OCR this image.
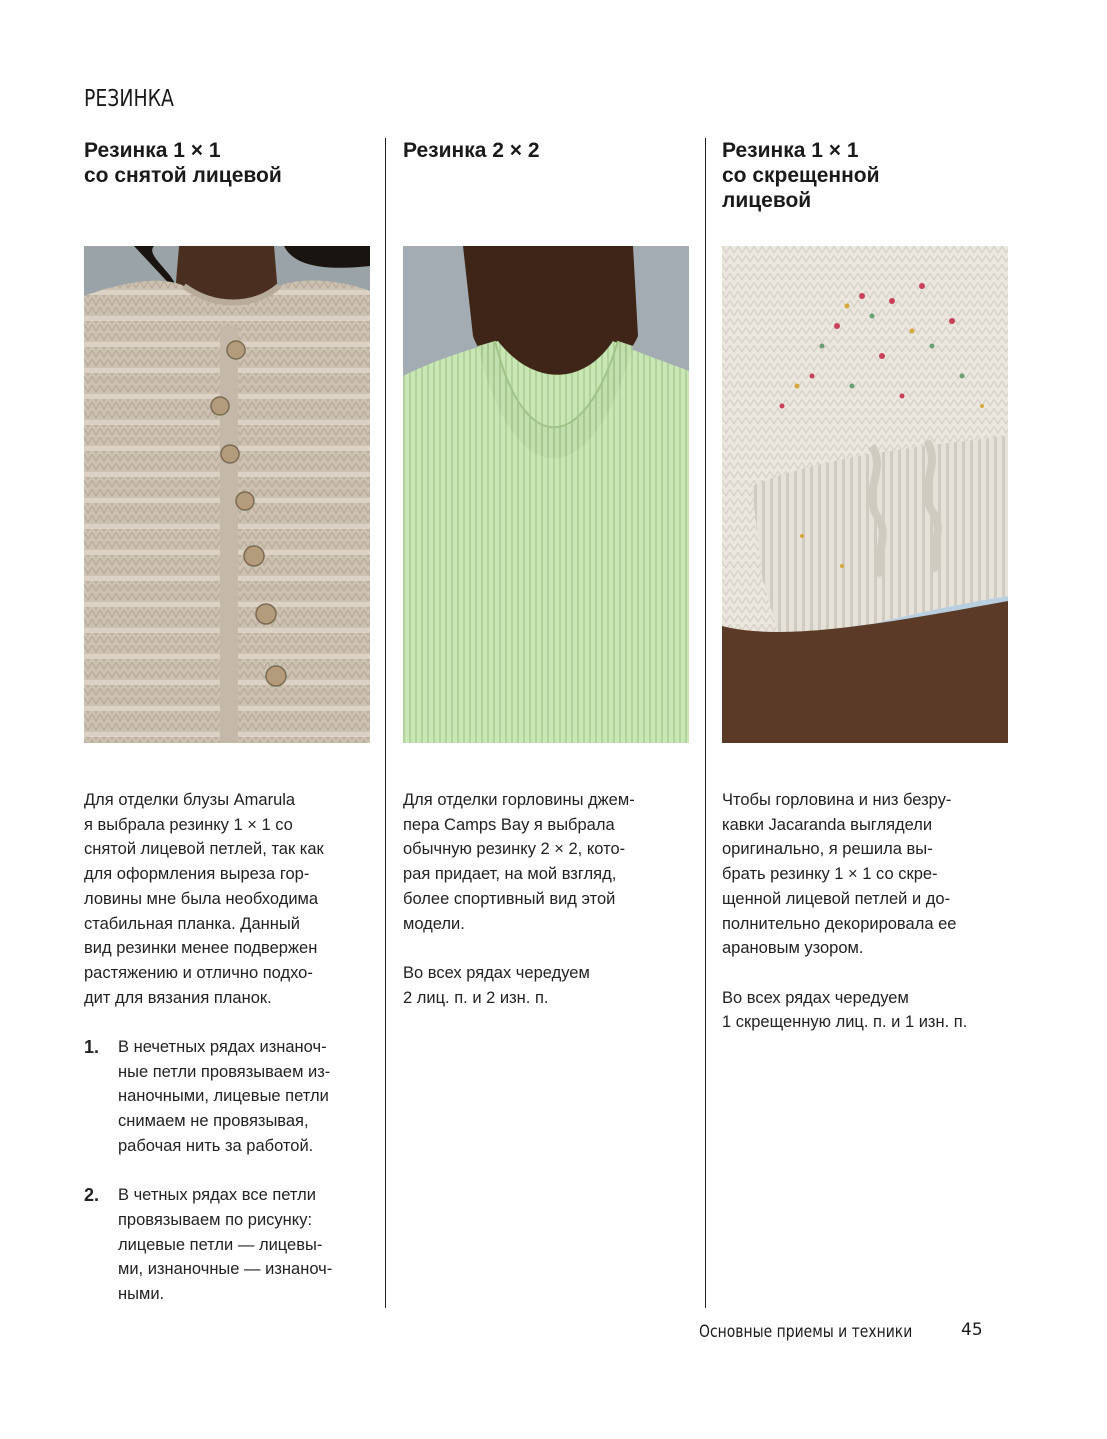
РЕЗИНКА
Резинка 1 × 1
со снятой лицевой

Для отделки блузы Amarula
я выбрала резинку 1 × 1 со
снятой лицевой петлей, так как
для оформления выреза гор-
ловины мне была необходима
стабильная планка. Данный
вид резинки менее подвержен
растяжению и отлично подхо-
дит для вязания планок.

1. В нечетных рядах изнаноч-
ные петли провязываем из-
наночными, лицевые петли
снимаем не провязывая,
рабочая нить за работой.
2. В четных рядах все петли
провязываем по рисунку:
лицевые петли — лицевы-
ми, изнаночные — изнаноч-
ными.
Резинка 2 × 2

Для отделки горловины джем-
пера Camps Bay я выбрала
обычную резинку 2 × 2, кото-
рая придает, на мой взгляд,
более спортивный вид этой
модели.

Во всех рядах чередуем
2 лиц. п. и 2 изн. п.

Резинка 1 × 1
со скрещенной
лицевой

Чтобы горловина и низ безру-
кавки Jacaranda выглядели
оригинально, я решила вы-
брать резинку 1 × 1 со скре-
щенной лицевой петлей и до-
полнительно декорировала ее
арановым узором.

Во всех рядах чередуем
1 скрещенную лиц. п. и 1 изн. п.

Основные приемы и техники	45
